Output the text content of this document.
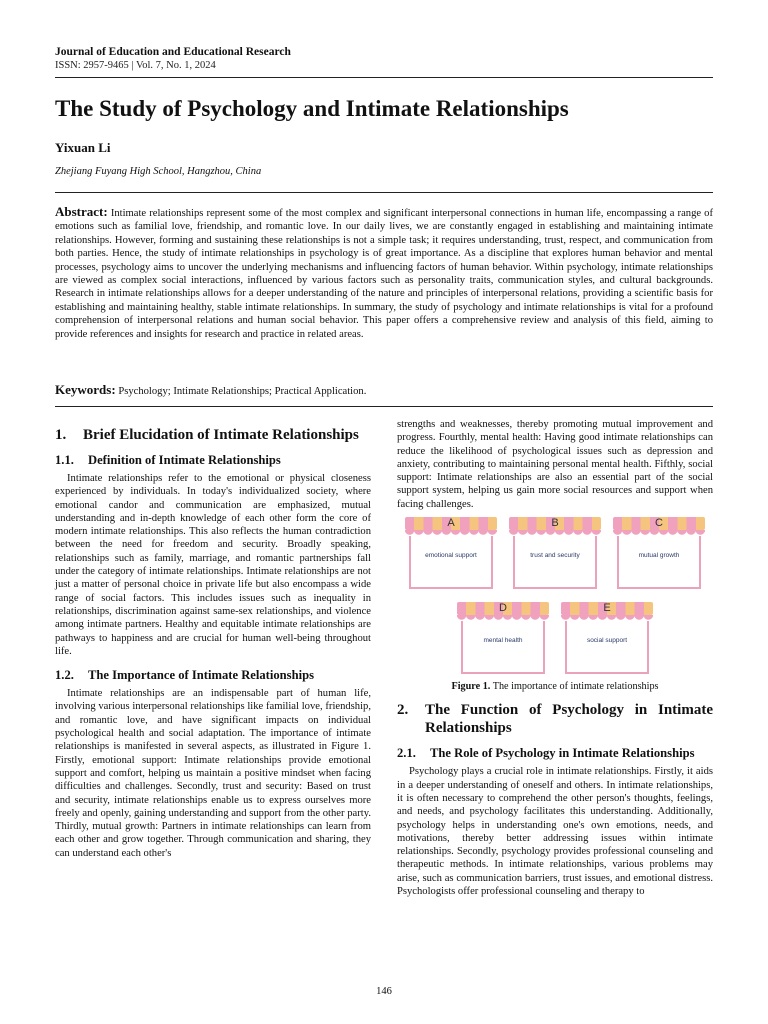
Journal of Education and Educational Research
ISSN: 2957-9465 | Vol. 7, No. 1, 2024
The Study of Psychology and Intimate Relationships
Yixuan Li
Zhejiang Fuyang High School, Hangzhou, China
Abstract: Intimate relationships represent some of the most complex and significant interpersonal connections in human life, encompassing a range of emotions such as familial love, friendship, and romantic love. In our daily lives, we are constantly engaged in establishing and maintaining intimate relationships. However, forming and sustaining these relationships is not a simple task; it requires understanding, trust, respect, and communication from both parties. Hence, the study of intimate relationships in psychology is of great importance. As a discipline that explores human behavior and mental processes, psychology aims to uncover the underlying mechanisms and influencing factors of human behavior. Within psychology, intimate relationships are viewed as complex social interactions, influenced by various factors such as personality traits, communication styles, and cultural backgrounds. Research in intimate relationships allows for a deeper understanding of the nature and principles of interpersonal relations, providing a scientific basis for establishing and maintaining healthy, stable intimate relationships. In summary, the study of psychology and intimate relationships is vital for a profound comprehension of interpersonal relations and human social behavior. This paper offers a comprehensive review and analysis of this field, aiming to provide references and insights for research and practice in related areas.
Keywords: Psychology; Intimate Relationships; Practical Application.
1.	Brief Elucidation of Intimate Relationships
1.1.	Definition of Intimate Relationships

Intimate relationships refer to the emotional or physical closeness experienced by individuals. In today's individualized society, where emotional candor and communication are emphasized, mutual understanding and in-depth knowledge of each other form the core of modern intimate relationships. This also reflects the human contradiction between the need for freedom and security. Broadly speaking, relationships such as family, marriage, and romantic partnerships fall under the category of intimate relationships. Intimate relationships are not just a matter of personal choice in private life but also encompass a wide range of social factors. This includes issues such as inequality in relationships, discrimination against same-sex relationships, and violence among intimate partners. Healthy and equitable intimate relationships are pathways to happiness and are crucial for human well-being throughout life.

1.2.	The Importance of Intimate Relationships

Intimate relationships are an indispensable part of human life, involving various interpersonal relationships like familial love, friendship, and romantic love, and have significant impacts on individual psychological health and social adaptation. The importance of intimate relationships is manifested in several aspects, as illustrated in Figure 1. Firstly, emotional support: Intimate relationships provide emotional support and comfort, helping us maintain a positive mindset when facing difficulties and challenges. Secondly, trust and security: Based on trust and security, intimate relationships enable us to express ourselves more freely and openly, gaining understanding and support from the other party. Thirdly, mutual growth: Partners in intimate relationships can learn from each other and grow together. Through communication and sharing, they can understand each other's

strengths and weaknesses, thereby promoting mutual improvement and progress. Fourthly, mental health: Having good intimate relationships can reduce the likelihood of psychological issues such as depression and anxiety, contributing to maintaining personal mental health. Fifthly, social support: Intimate relationships are also an essential part of the social support system, helping us gain more social resources and support when facing challenges.

A
emotional support
B
trust and security
C
mutual growth
D
mental health
E
social support
Figure 1. The importance of intimate relationships
2.	The Function of Psychology in Intimate Relationships
2.1.	The Role of Psychology in Intimate Relationships

Psychology plays a crucial role in intimate relationships. Firstly, it aids in a deeper understanding of oneself and others. In intimate relationships, it is often necessary to comprehend the other person's thoughts, feelings, and needs, and psychology facilitates this understanding. Additionally, psychology helps in understanding one's own emotions, needs, and motivations, thereby better addressing issues within intimate relationships. Secondly, psychology provides professional counseling and therapeutic methods. In intimate relationships, various problems may arise, such as communication barriers, trust issues, and emotional distress. Psychologists offer professional counseling and therapy to

146
